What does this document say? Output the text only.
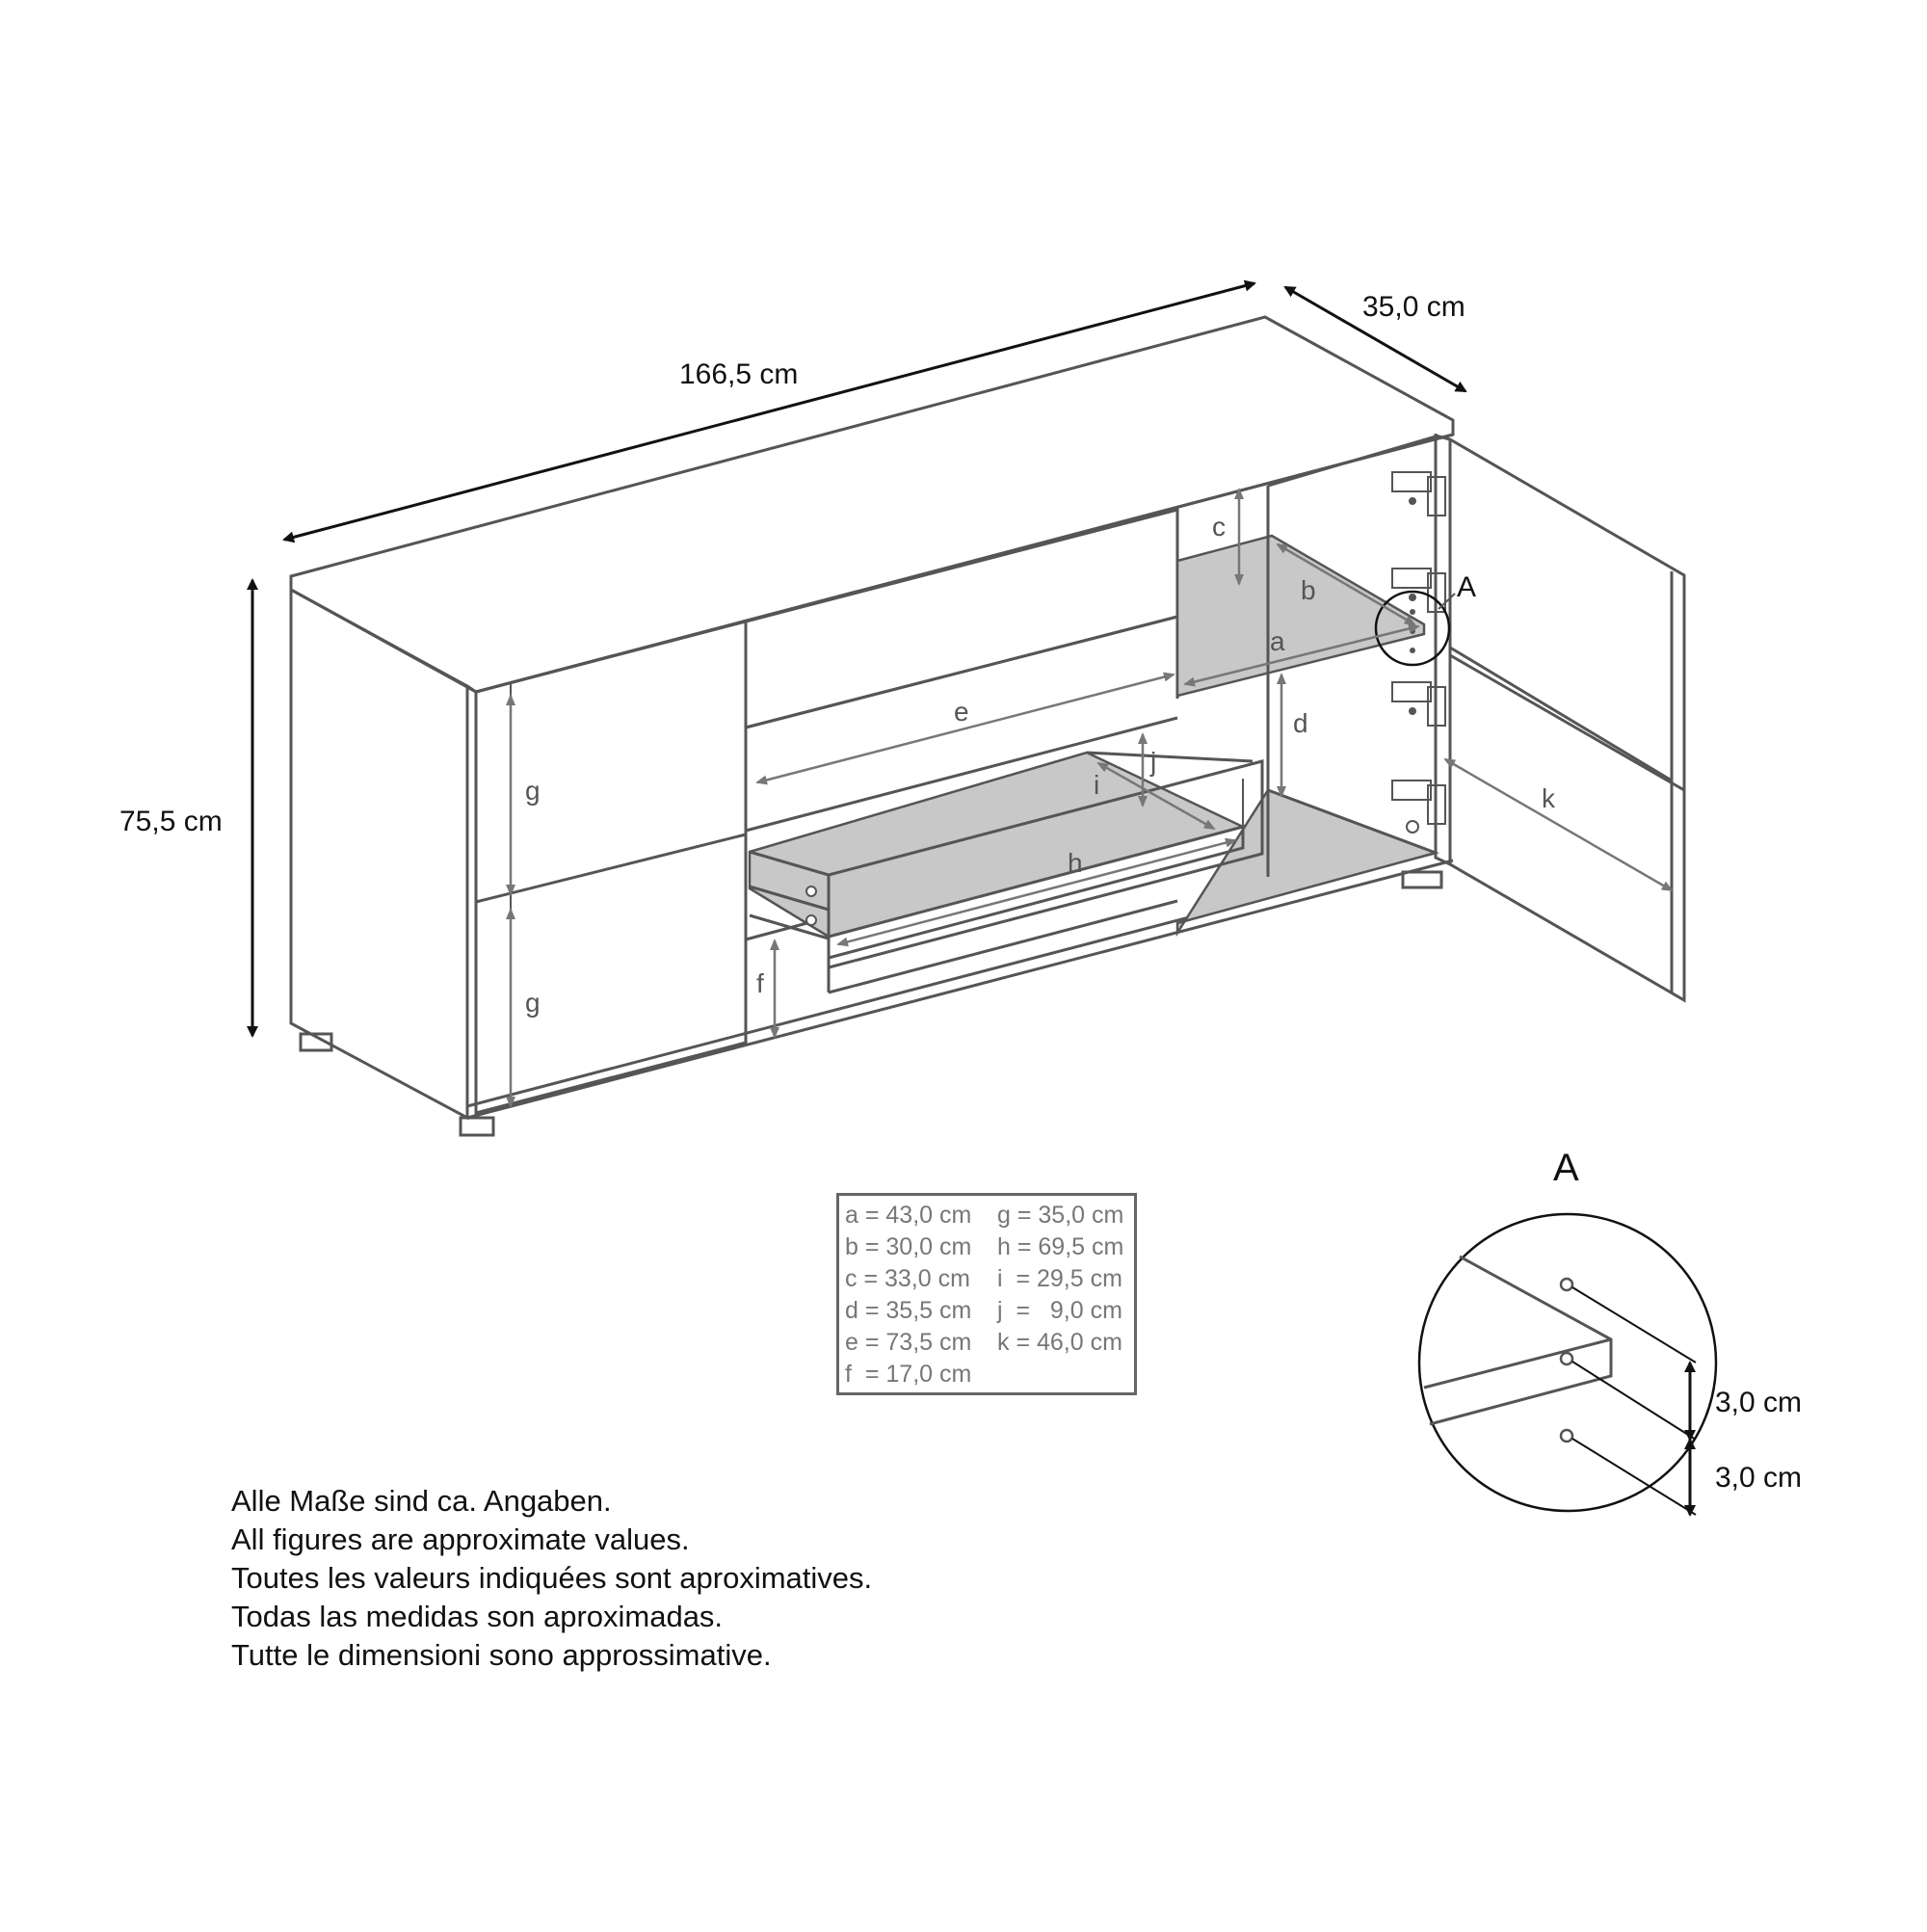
166,5 cm
35,0 cm
75,5 cm
A
a
b
c
d
e
f
g
g
h
i
j
k
A
3,0 cm
3,0 cm
a = 43,0 cm	g = 35,0 cm
b = 30,0 cm	h = 69,5 cm
c = 33,0 cm	i  = 29,5 cm
d = 35,5 cm	j  =   9,0 cm
e = 73,5 cm	k = 46,0 cm
f  = 17,0 cm
Alle Maße sind ca. Angaben.
All figures are approximate values.
Toutes les valeurs indiquées sont aproximatives.
Todas las medidas son aproximadas.
Tutte le dimensioni sono approssimative.
